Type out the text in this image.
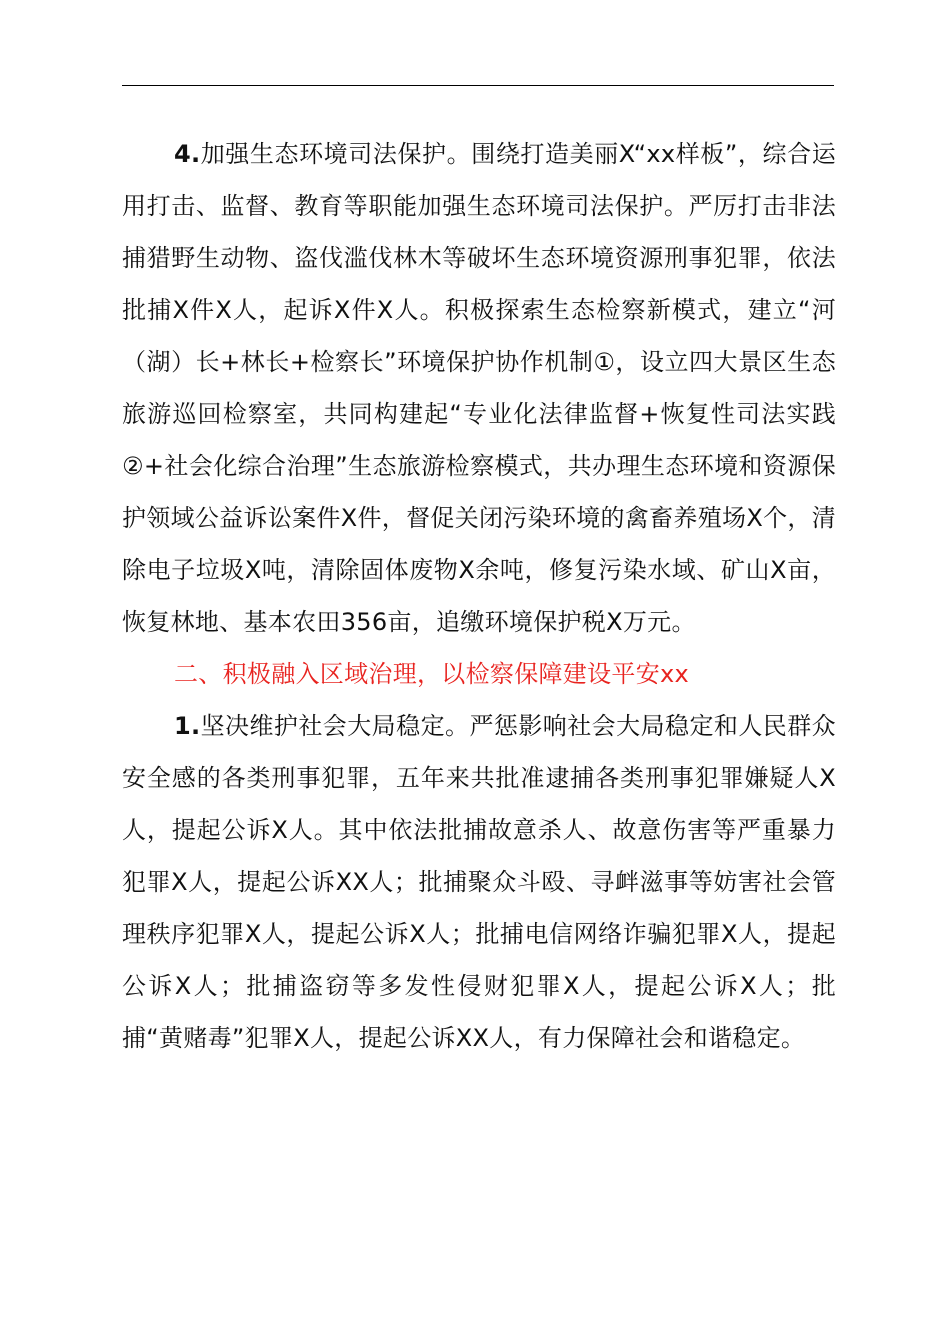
4.加强生态环境司法保护。围绕打造美丽X“xx样板”，综合运用打击、监督、教育等职能加强生态环境司法保护。严厉打击非法捕猎野生动物、盗伐滥伐林木等破坏生态环境资源刑事犯罪，依法批捕X件X人，起诉X件X人。积极探索生态检察新模式，建立“河（湖）长+林长+检察长”环境保护协作机制①，设立四大景区生态旅游巡回检察室，共同构建起“专业化法律监督+恢复性司法实践②+社会化综合治理”生态旅游检察模式，共办理生态环境和资源保护领域公益诉讼案件X件，督促关闭污染环境的禽畜养殖场X个，清除电子垃圾X吨，清除固体废物X余吨，修复污染水域、矿山X亩，恢复林地、基本农田356亩，追缴环境保护税X万元。

二、积极融入区域治理，以检察保障建设平安xx

1.坚决维护社会大局稳定。严惩影响社会大局稳定和人民群众安全感的各类刑事犯罪，五年来共批准逮捕各类刑事犯罪嫌疑人X人，提起公诉X人。其中依法批捕故意杀人、故意伤害等严重暴力犯罪X人，提起公诉XX人；批捕聚众斗殴、寻衅滋事等妨害社会管理秩序犯罪X人，提起公诉X人；批捕电信网络诈骗犯罪X人，提起公诉X人；批捕盗窃等多发性侵财犯罪X人，提起公诉X人；批捕“黄赌毒”犯罪X人，提起公诉XX人，有力保障社会和谐稳定。
